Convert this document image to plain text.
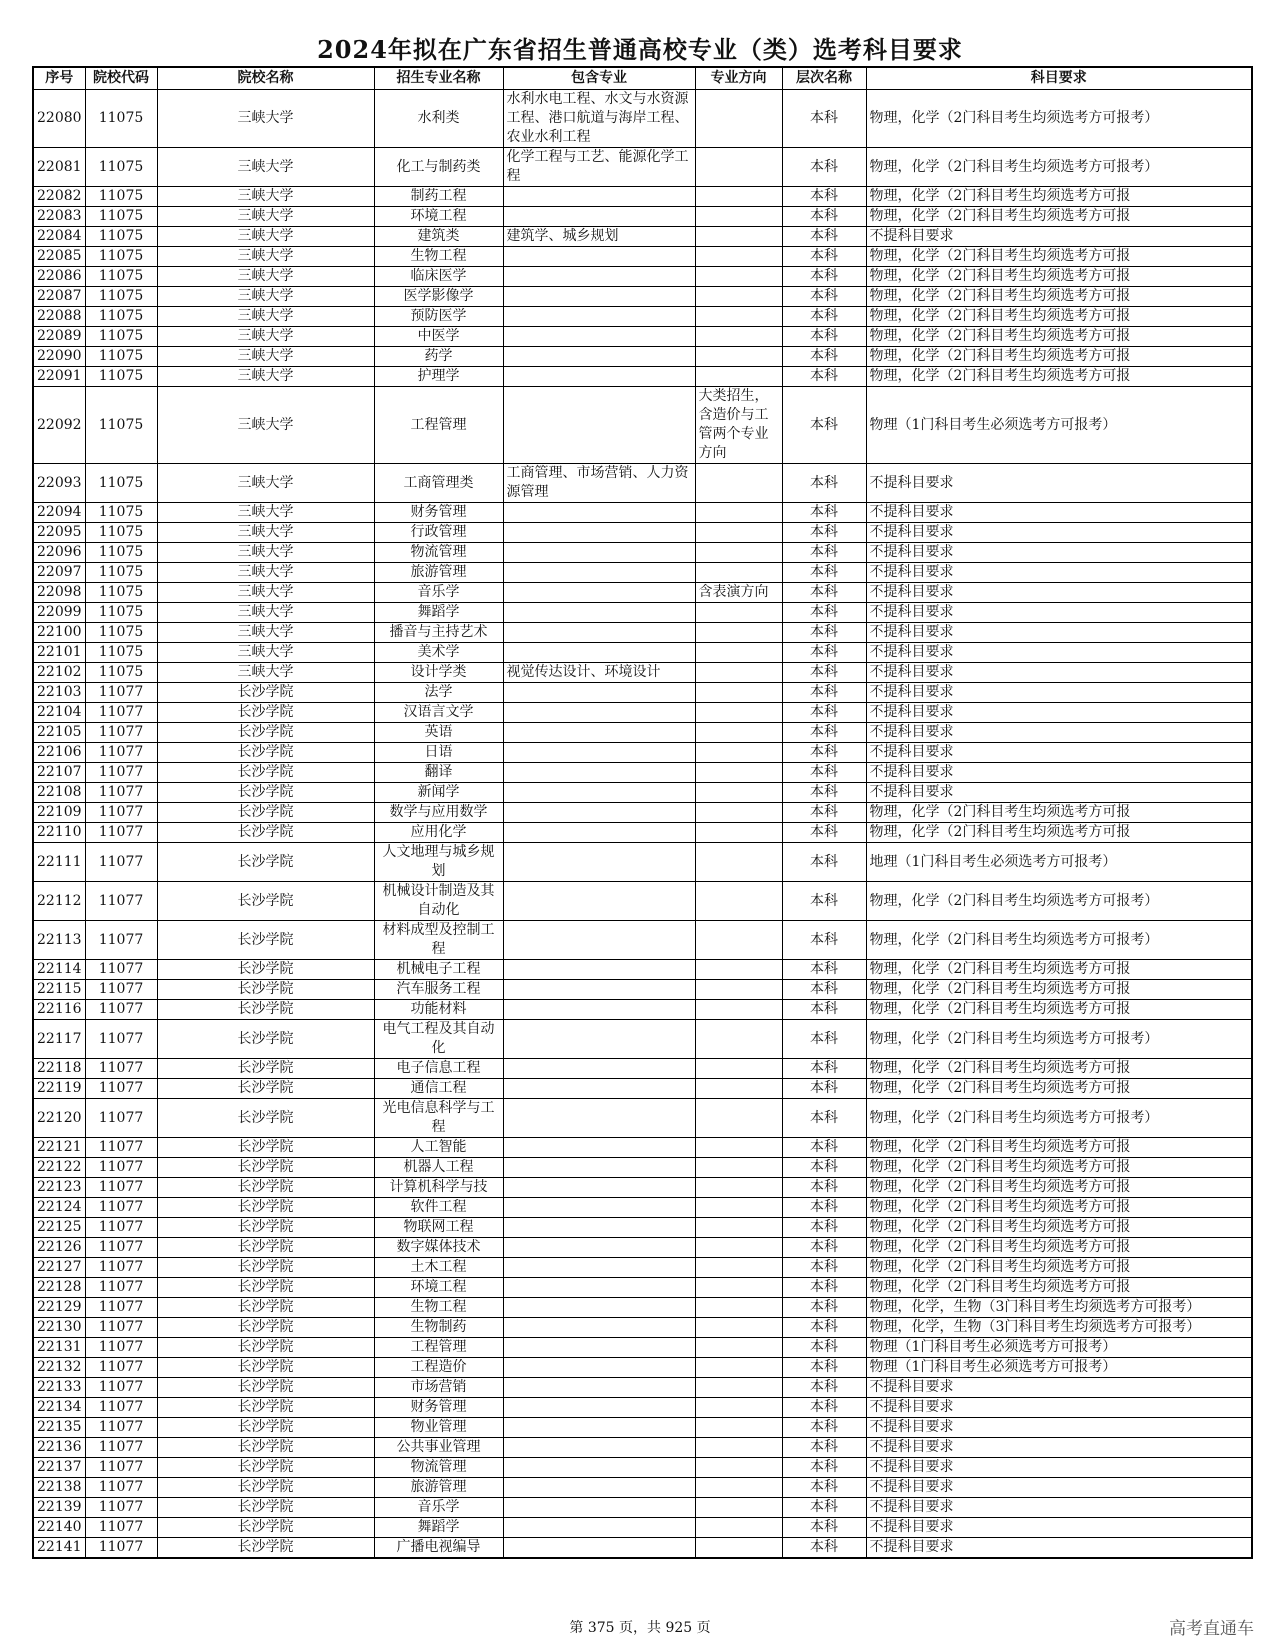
2024年拟在广东省招生普通高校专业（类）选考科目要求
序号	院校代码	院校名称	招生专业名称	包含专业	专业方向	层次名称	科目要求
22080	11075	三峡大学	水利类	水利水电工程、水文与水资源工程、港口航道与海岸工程、农业水利工程		本科	物理，化学（2门科目考生均须选考方可报考）
22081	11075	三峡大学	化工与制药类	化学工程与工艺、能源化学工程		本科	物理，化学（2门科目考生均须选考方可报考）
22082	11075	三峡大学	制药工程			本科	物理，化学（2门科目考生均须选考方可报
22083	11075	三峡大学	环境工程			本科	物理，化学（2门科目考生均须选考方可报
22084	11075	三峡大学	建筑类	建筑学、城乡规划		本科	不提科目要求
22085	11075	三峡大学	生物工程			本科	物理，化学（2门科目考生均须选考方可报
22086	11075	三峡大学	临床医学			本科	物理，化学（2门科目考生均须选考方可报
22087	11075	三峡大学	医学影像学			本科	物理，化学（2门科目考生均须选考方可报
22088	11075	三峡大学	预防医学			本科	物理，化学（2门科目考生均须选考方可报
22089	11075	三峡大学	中医学			本科	物理，化学（2门科目考生均须选考方可报
22090	11075	三峡大学	药学			本科	物理，化学（2门科目考生均须选考方可报
22091	11075	三峡大学	护理学			本科	物理，化学（2门科目考生均须选考方可报
22092	11075	三峡大学	工程管理		大类招生，含造价与工管两个专业方向	本科	物理（1门科目考生必须选考方可报考）
22093	11075	三峡大学	工商管理类	工商管理、市场营销、人力资源管理		本科	不提科目要求
22094	11075	三峡大学	财务管理			本科	不提科目要求
22095	11075	三峡大学	行政管理			本科	不提科目要求
22096	11075	三峡大学	物流管理			本科	不提科目要求
22097	11075	三峡大学	旅游管理			本科	不提科目要求
22098	11075	三峡大学	音乐学		含表演方向	本科	不提科目要求
22099	11075	三峡大学	舞蹈学			本科	不提科目要求
22100	11075	三峡大学	播音与主持艺术			本科	不提科目要求
22101	11075	三峡大学	美术学			本科	不提科目要求
22102	11075	三峡大学	设计学类	视觉传达设计、环境设计		本科	不提科目要求
22103	11077	长沙学院	法学			本科	不提科目要求
22104	11077	长沙学院	汉语言文学			本科	不提科目要求
22105	11077	长沙学院	英语			本科	不提科目要求
22106	11077	长沙学院	日语			本科	不提科目要求
22107	11077	长沙学院	翻译			本科	不提科目要求
22108	11077	长沙学院	新闻学			本科	不提科目要求
22109	11077	长沙学院	数学与应用数学			本科	物理，化学（2门科目考生均须选考方可报
22110	11077	长沙学院	应用化学			本科	物理，化学（2门科目考生均须选考方可报
22111	11077	长沙学院	人文地理与城乡规划			本科	地理（1门科目考生必须选考方可报考）
22112	11077	长沙学院	机械设计制造及其自动化			本科	物理，化学（2门科目考生均须选考方可报考）
22113	11077	长沙学院	材料成型及控制工程			本科	物理，化学（2门科目考生均须选考方可报考）
22114	11077	长沙学院	机械电子工程			本科	物理，化学（2门科目考生均须选考方可报
22115	11077	长沙学院	汽车服务工程			本科	物理，化学（2门科目考生均须选考方可报
22116	11077	长沙学院	功能材料			本科	物理，化学（2门科目考生均须选考方可报
22117	11077	长沙学院	电气工程及其自动化			本科	物理，化学（2门科目考生均须选考方可报考）
22118	11077	长沙学院	电子信息工程			本科	物理，化学（2门科目考生均须选考方可报
22119	11077	长沙学院	通信工程			本科	物理，化学（2门科目考生均须选考方可报
22120	11077	长沙学院	光电信息科学与工程			本科	物理，化学（2门科目考生均须选考方可报考）
22121	11077	长沙学院	人工智能			本科	物理，化学（2门科目考生均须选考方可报
22122	11077	长沙学院	机器人工程			本科	物理，化学（2门科目考生均须选考方可报
22123	11077	长沙学院	计算机科学与技			本科	物理，化学（2门科目考生均须选考方可报
22124	11077	长沙学院	软件工程			本科	物理，化学（2门科目考生均须选考方可报
22125	11077	长沙学院	物联网工程			本科	物理，化学（2门科目考生均须选考方可报
22126	11077	长沙学院	数字媒体技术			本科	物理，化学（2门科目考生均须选考方可报
22127	11077	长沙学院	土木工程			本科	物理，化学（2门科目考生均须选考方可报
22128	11077	长沙学院	环境工程			本科	物理，化学（2门科目考生均须选考方可报
22129	11077	长沙学院	生物工程			本科	物理，化学，生物（3门科目考生均须选考方可报考）
22130	11077	长沙学院	生物制药			本科	物理，化学，生物（3门科目考生均须选考方可报考）
22131	11077	长沙学院	工程管理			本科	物理（1门科目考生必须选考方可报考）
22132	11077	长沙学院	工程造价			本科	物理（1门科目考生必须选考方可报考）
22133	11077	长沙学院	市场营销			本科	不提科目要求
22134	11077	长沙学院	财务管理			本科	不提科目要求
22135	11077	长沙学院	物业管理			本科	不提科目要求
22136	11077	长沙学院	公共事业管理			本科	不提科目要求
22137	11077	长沙学院	物流管理			本科	不提科目要求
22138	11077	长沙学院	旅游管理			本科	不提科目要求
22139	11077	长沙学院	音乐学			本科	不提科目要求
22140	11077	长沙学院	舞蹈学			本科	不提科目要求
22141	11077	长沙学院	广播电视编导			本科	不提科目要求
第 375 页，共 925 页	高考直通车
